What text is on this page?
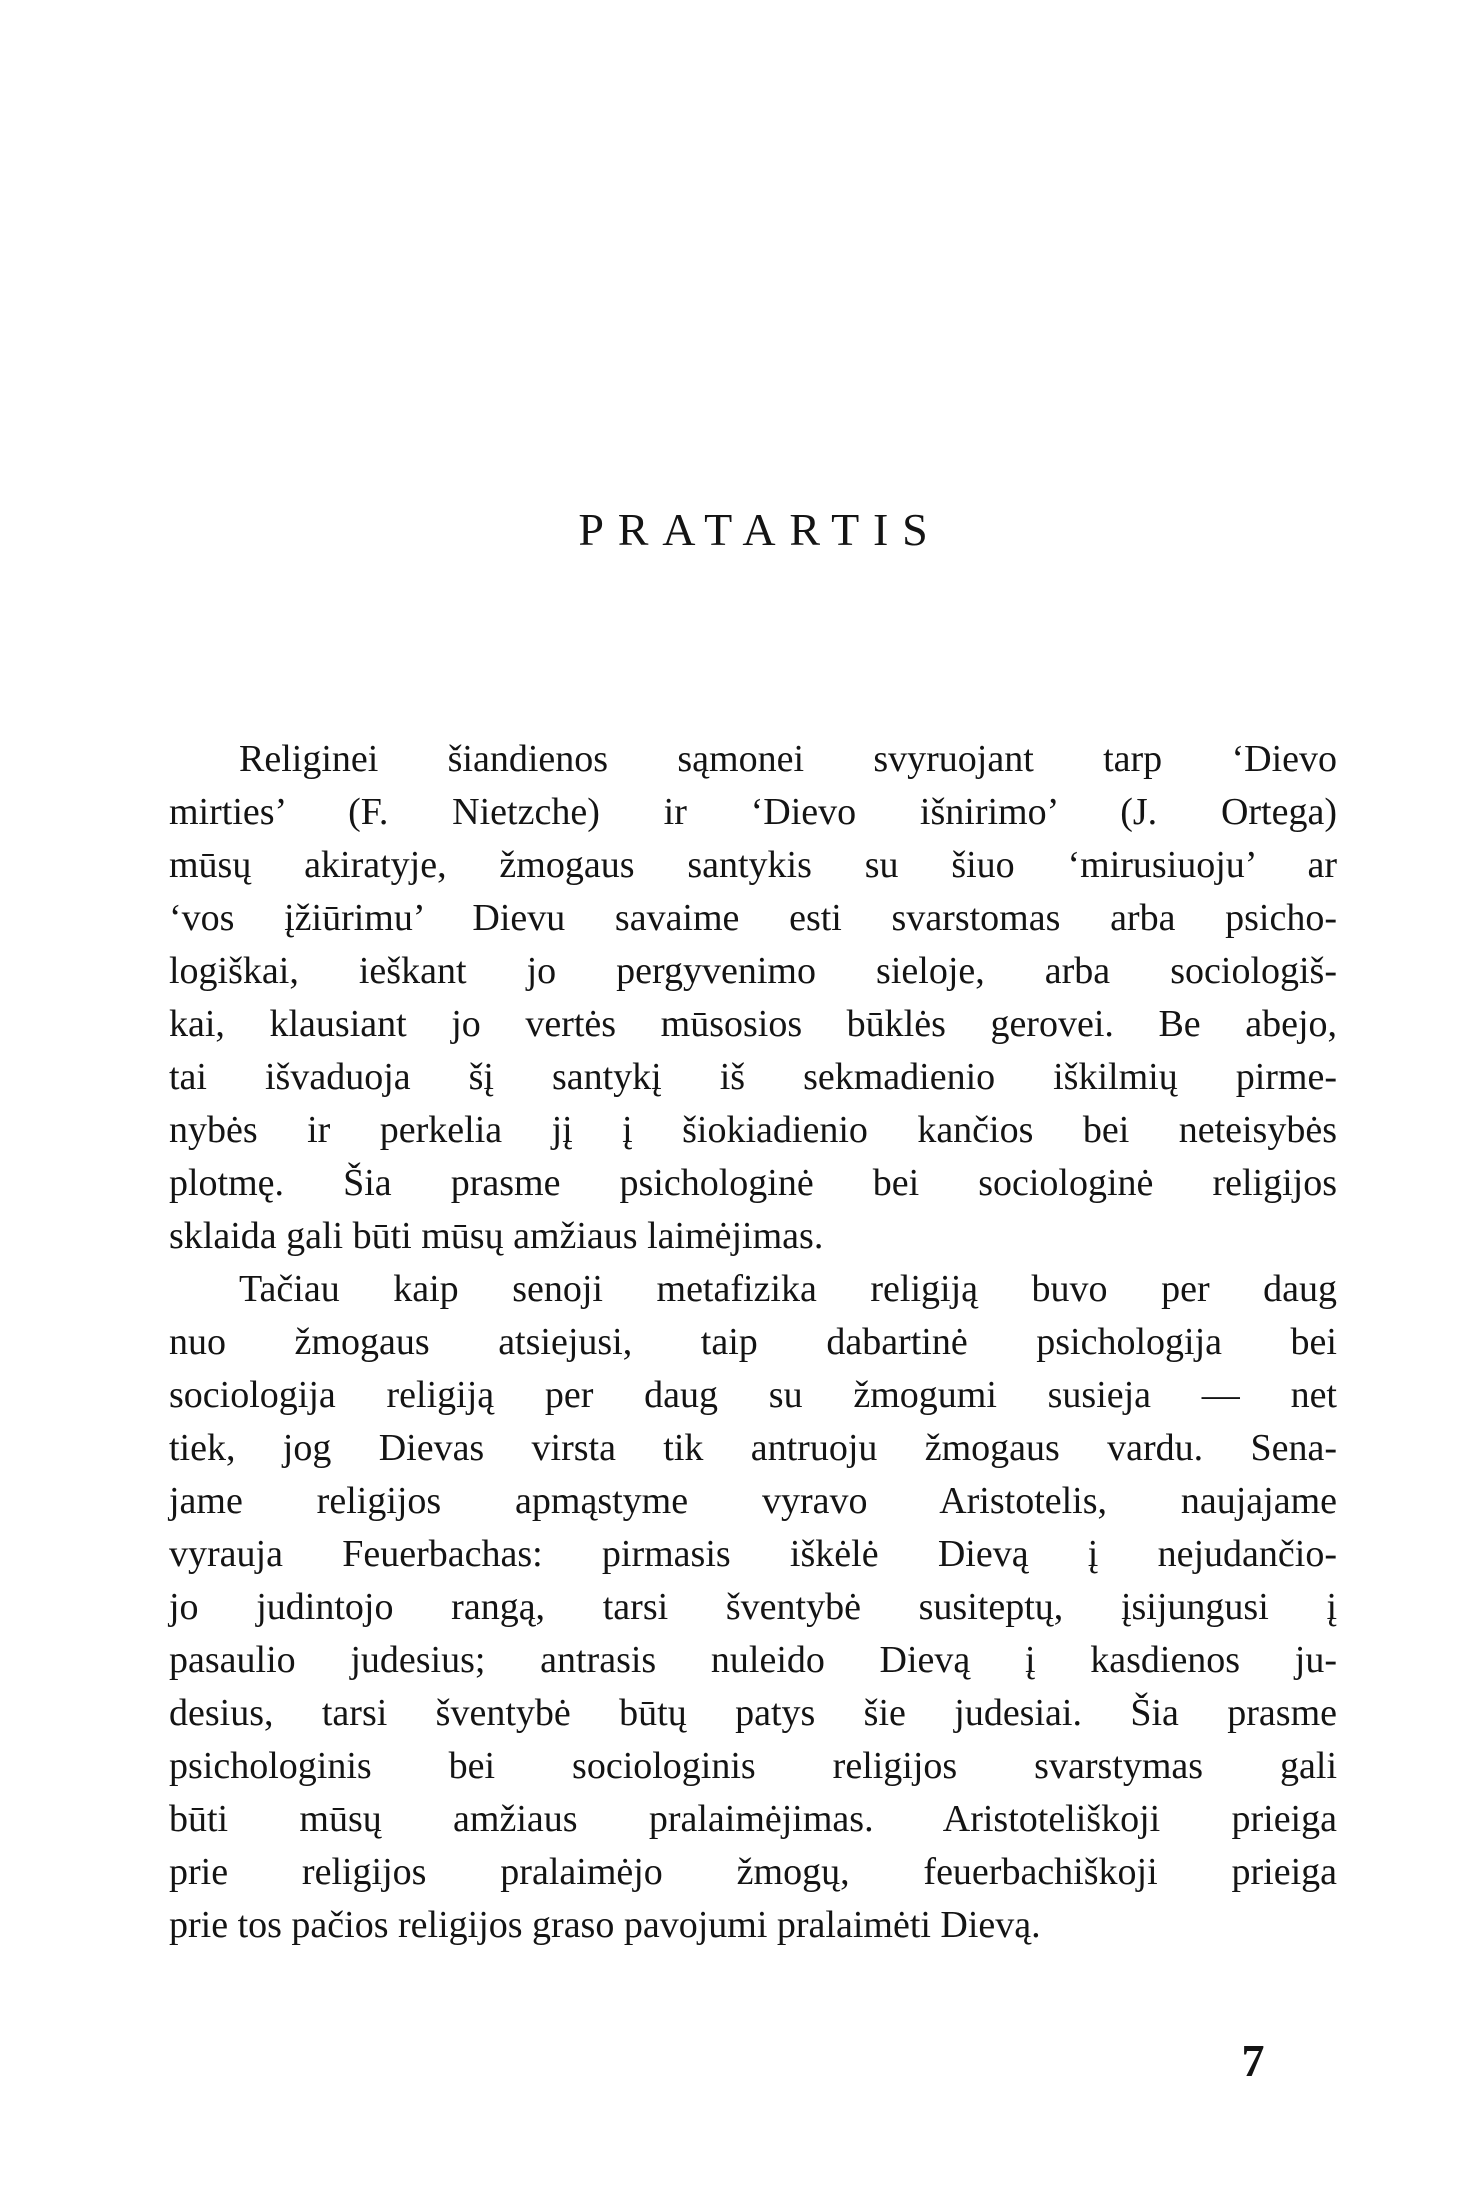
PRATARTIS
Religinei šiandienos sąmonei svyruojant tarp ‘Dievo
mirties’ (F. Nietzche) ir ‘Dievo išnirimo’ (J. Ortega)
mūsų akiratyje, žmogaus santykis su šiuo ‘mirusiuoju’ ar
‘vos įžiūrimu’ Dievu savaime esti svarstomas arba psicho-
logiškai, ieškant jo pergyvenimo sieloje, arba sociologiš-
kai, klausiant jo vertės mūsosios būklės gerovei. Be abejo,
tai išvaduoja šį santykį iš sekmadienio iškilmių pirme-
nybės ir perkelia jį į šiokiadienio kančios bei neteisybės
plotmę. Šia prasme psichologinė bei sociologinė religijos
sklaida gali būti mūsų amžiaus laimėjimas.
Tačiau kaip senoji metafizika religiją buvo per daug
nuo žmogaus atsiejusi, taip dabartinė psichologija bei
sociologija religiją per daug su žmogumi susieja — net
tiek, jog Dievas virsta tik antruoju žmogaus vardu. Sena-
jame religijos apmąstyme vyravo Aristotelis, naujajame
vyrauja Feuerbachas: pirmasis iškėlė Dievą į nejudančio-
jo judintojo rangą, tarsi šventybė susiteptų, įsijungusi į
pasaulio judesius; antrasis nuleido Dievą į kasdienos ju-
desius, tarsi šventybė būtų patys šie judesiai. Šia prasme
psichologinis bei sociologinis religijos svarstymas gali
būti mūsų amžiaus pralaimėjimas. Aristoteliškoji prieiga
prie religijos pralaimėjo žmogų, feuerbachiškoji prieiga
prie tos pačios religijos graso pavojumi pralaimėti Dievą.
7
